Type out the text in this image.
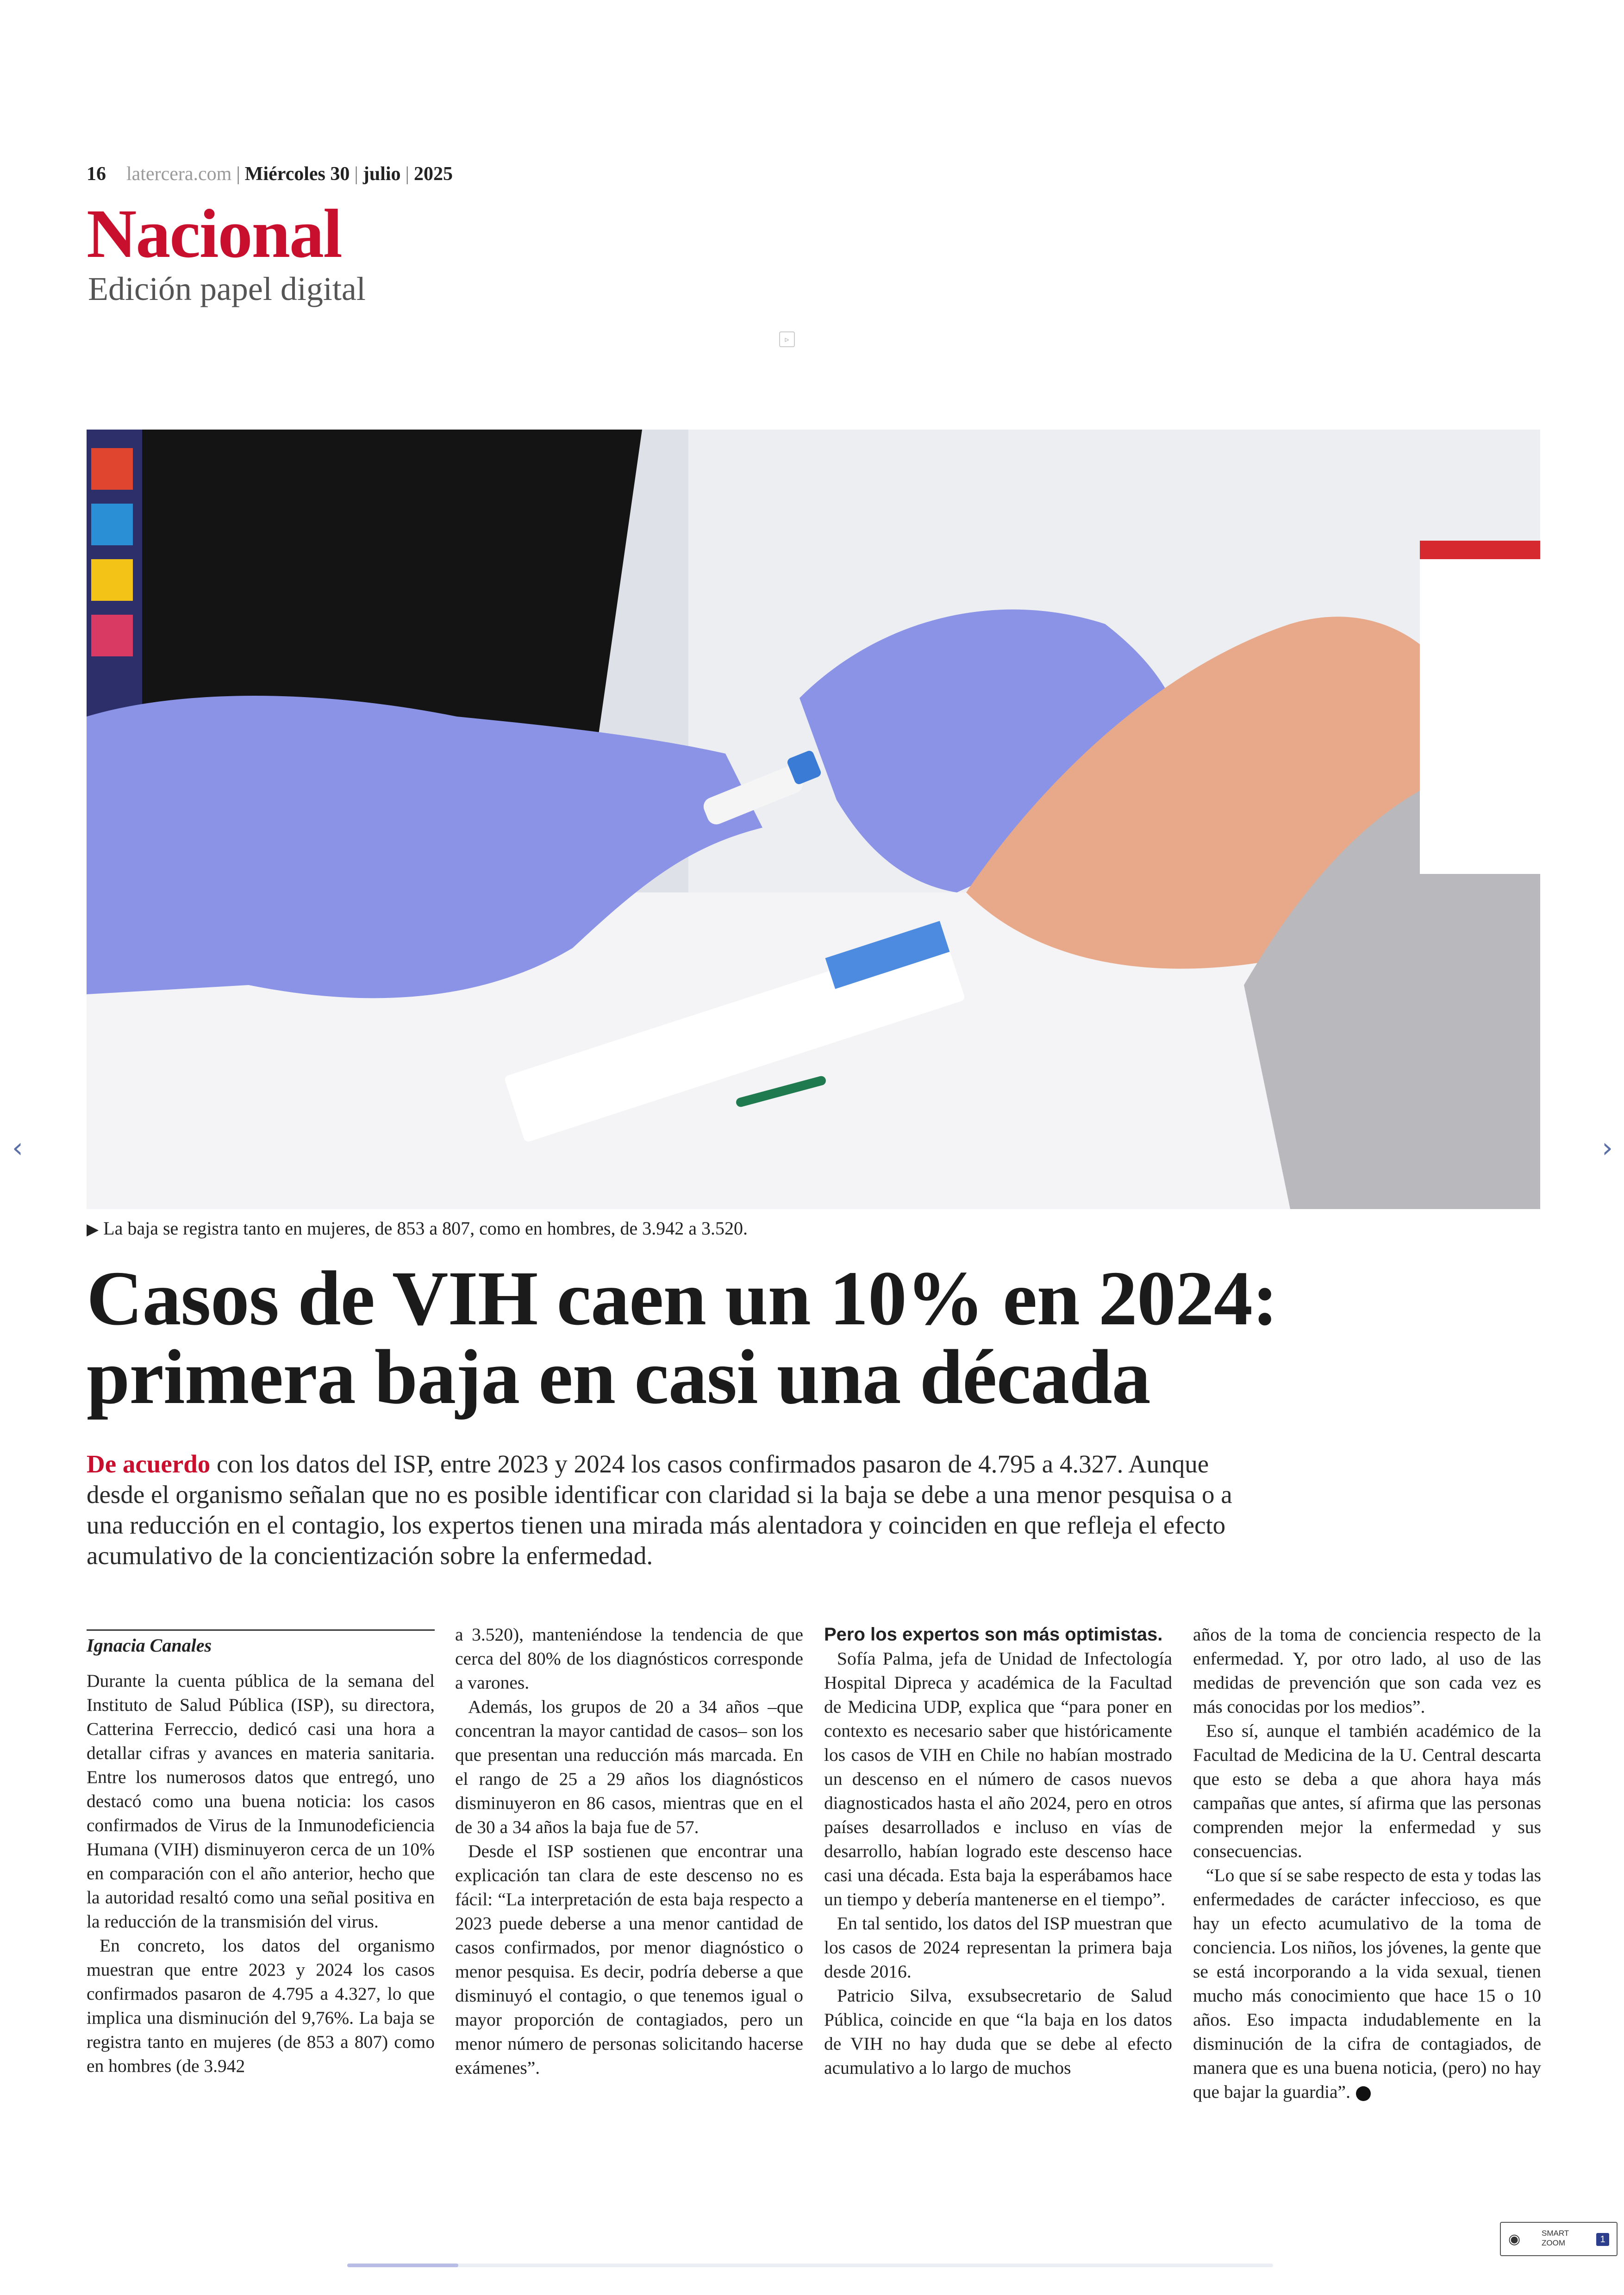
16 latercera.com | Miércoles 30 | julio | 2025
Nacional
Edición papel digital
▹
▶ La baja se registra tanto en mujeres, de 853 a 807, como en hombres, de 3.942 a 3.520.
Casos de VIH caen un 10% en 2024:
primera baja en casi una década
De acuerdo con los datos del ISP, entre 2023 y 2024 los casos confirmados pasaron de 4.795 a 4.327. Aunque desde el organismo señalan que no es posible identificar con claridad si la baja se debe a una menor pesquisa o a una reducción en el contagio, los expertos tienen una mirada más alentadora y coinciden en que refleja el efecto acumulativo de la concientización sobre la enfermedad.

Ignacia Canales

Durante la cuenta pública de la semana del Instituto de Salud Pública (ISP), su directora, Catterina Ferreccio, dedicó casi una hora a detallar cifras y avances en materia sanitaria. Entre los numerosos datos que entregó, uno destacó como una buena noticia: los casos confirmados de Virus de la Inmunodeficiencia Humana (VIH) disminuyeron cerca de un 10% en comparación con el año anterior, hecho que la autoridad resaltó como una señal positiva en la reducción de la transmisión del virus.

En concreto, los datos del organismo muestran que entre 2023 y 2024 los casos confirmados pasaron de 4.795 a 4.327, lo que implica una disminución del 9,76%. La baja se registra tanto en mujeres (de 853 a 807) como en hombres (de 3.942

a 3.520), manteniéndose la tendencia de que cerca del 80% de los diagnósticos corresponde a varones.

Además, los grupos de 20 a 34 años –que concentran la mayor cantidad de casos– son los que presentan una reducción más marcada. En el rango de 25 a 29 años los diagnósticos disminuyeron en 86 casos, mientras que en el de 30 a 34 años la baja fue de 57.

Desde el ISP sostienen que encontrar una explicación tan clara de este descenso no es fácil: “La interpretación de esta baja respecto a 2023 puede deberse a una menor cantidad de casos confirmados, por menor diagnóstico o menor pesquisa. Es decir, podría deberse a que disminuyó el contagio, o que tenemos igual o mayor proporción de contagiados, pero un menor número de personas solicitando hacerse exámenes”.

Pero los expertos son más optimistas.

Sofía Palma, jefa de Unidad de Infectología Hospital Dipreca y académica de la Facultad de Medicina UDP, explica que “para poner en contexto es necesario saber que históricamente los casos de VIH en Chile no habían mostrado un descenso en el número de casos nuevos diagnosticados hasta el año 2024, pero en otros países desarrollados e incluso en vías de desarrollo, habían logrado este descenso hace casi una década. Esta baja la esperábamos hace un tiempo y debería mantenerse en el tiempo”.

En tal sentido, los datos del ISP muestran que los casos de 2024 representan la primera baja desde 2016.

Patricio Silva, exsubsecretario de Salud Pública, coincide en que “la baja en los datos de VIH no hay duda que se debe al efecto acumulativo a lo largo de muchos

años de la toma de conciencia respecto de la enfermedad. Y, por otro lado, al uso de las medidas de prevención que son cada vez es más conocidas por los medios”.

Eso sí, aunque el también académico de la Facultad de Medicina de la U. Central descarta que esto se deba a que ahora haya más campañas que antes, sí afirma que las personas comprenden mejor la enfermedad y sus consecuencias.

“Lo que sí se sabe respecto de esta y todas las enfermedades de carácter infeccioso, es que hay un efecto acumulativo de la toma de conciencia. Los niños, los jóvenes, la gente que se está incorporando a la vida sexual, tienen mucho más conocimiento que hace 15 o 10 años. Eso impacta indudablemente en la disminución de la cifra de contagiados, de manera que es una buena noticia, (pero) no hay que bajar la guardia”.

‹	›
◉	SMART
ZOOM	1
